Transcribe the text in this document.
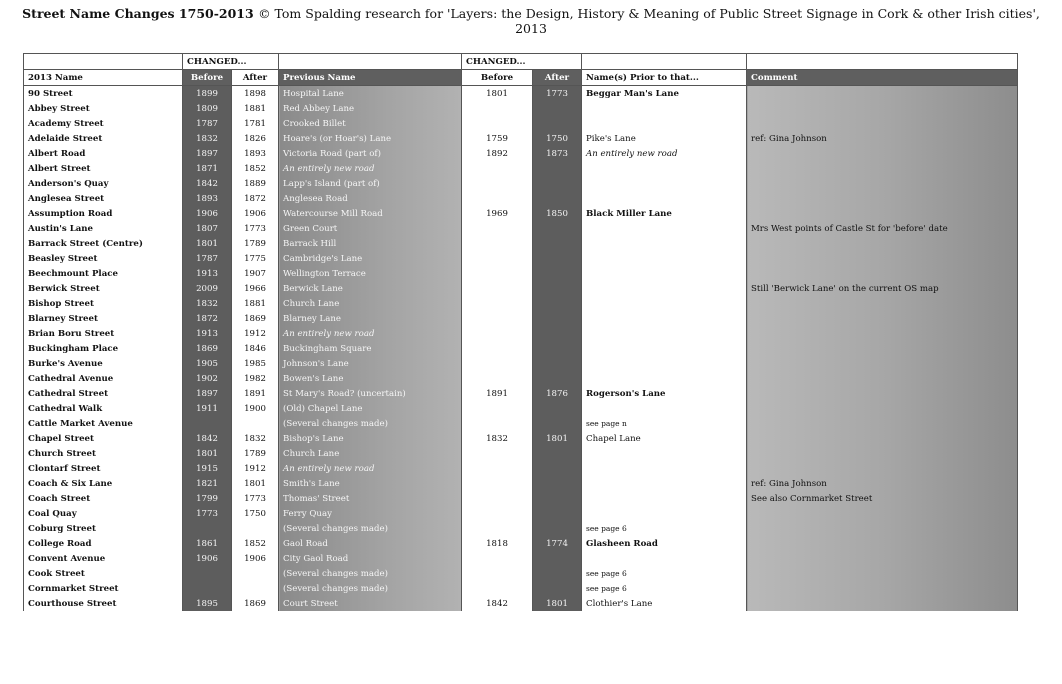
Street Name Changes 1750-2013 © Tom Spalding research for 'Layers: the Design, History & Meaning of Public Street Signage in Cork & other Irish cities', 2013
	CHANGED...			CHANGED...			
2013 Name	Before	After	Previous Name	Before	After	Name(s) Prior to that...	Comment
90 Street	1899	1898	Hospital Lane	1801	1773	Beggar Man's Lane	
Abbey Street	1809	1881	Red Abbey Lane				
Academy Street	1787	1781	Crooked Billet				
Adelaide Street	1832	1826	Hoare's (or Hoar's) Lane	1759	1750	Pike's Lane	ref: Gina Johnson
Albert Road	1897	1893	Victoria Road (part of)	1892	1873	An entirely new road	
Albert Street	1871	1852	An entirely new road				
Anderson's Quay	1842	1889	Lapp's Island (part of)				
Anglesea Street	1893	1872	Anglesea Road				
Assumption Road	1906	1906	Watercourse Mill Road	1969	1850	Black Miller Lane	
Austin's Lane	1807	1773	Green Court				Mrs West points of Castle St for 'before' date
Barrack Street (Centre)	1801	1789	Barrack Hill				
Beasley Street	1787	1775	Cambridge's Lane				
Beechmount Place	1913	1907	Wellington Terrace				
Berwick Street	2009	1966	Berwick Lane				Still 'Berwick Lane' on the current OS map
Bishop Street	1832	1881	Church Lane				
Blarney Street	1872	1869	Blarney Lane				
Brian Boru Street	1913	1912	An entirely new road				
Buckingham Place	1869	1846	Buckingham Square				
Burke's Avenue	1905	1985	Johnson's Lane				
Cathedral Avenue	1902	1982	Bowen's Lane				
Cathedral Street	1897	1891	St Mary's Road? (uncertain)	1891	1876	Rogerson's Lane	
Cathedral Walk	1911	1900	(Old) Chapel Lane				
Cattle Market Avenue			(Several changes made)			see page n	
Chapel Street	1842	1832	Bishop's Lane	1832	1801	Chapel Lane	
Church Street	1801	1789	Church Lane				
Clontarf Street	1915	1912	An entirely new road				
Coach & Six Lane	1821	1801	Smith's Lane				ref: Gina Johnson
Coach Street	1799	1773	Thomas' Street				See also Cornmarket Street
Coal Quay	1773	1750	Ferry Quay				
Coburg Street			(Several changes made)			see page 6	
College Road	1861	1852	Gaol Road	1818	1774	Glasheen Road	
Convent Avenue	1906	1906	City Gaol Road				
Cook Street			(Several changes made)			see page 6	
Cornmarket Street			(Several changes made)			see page 6	
Courthouse Street	1895	1869	Court Street	1842	1801	Clothier's Lane	
